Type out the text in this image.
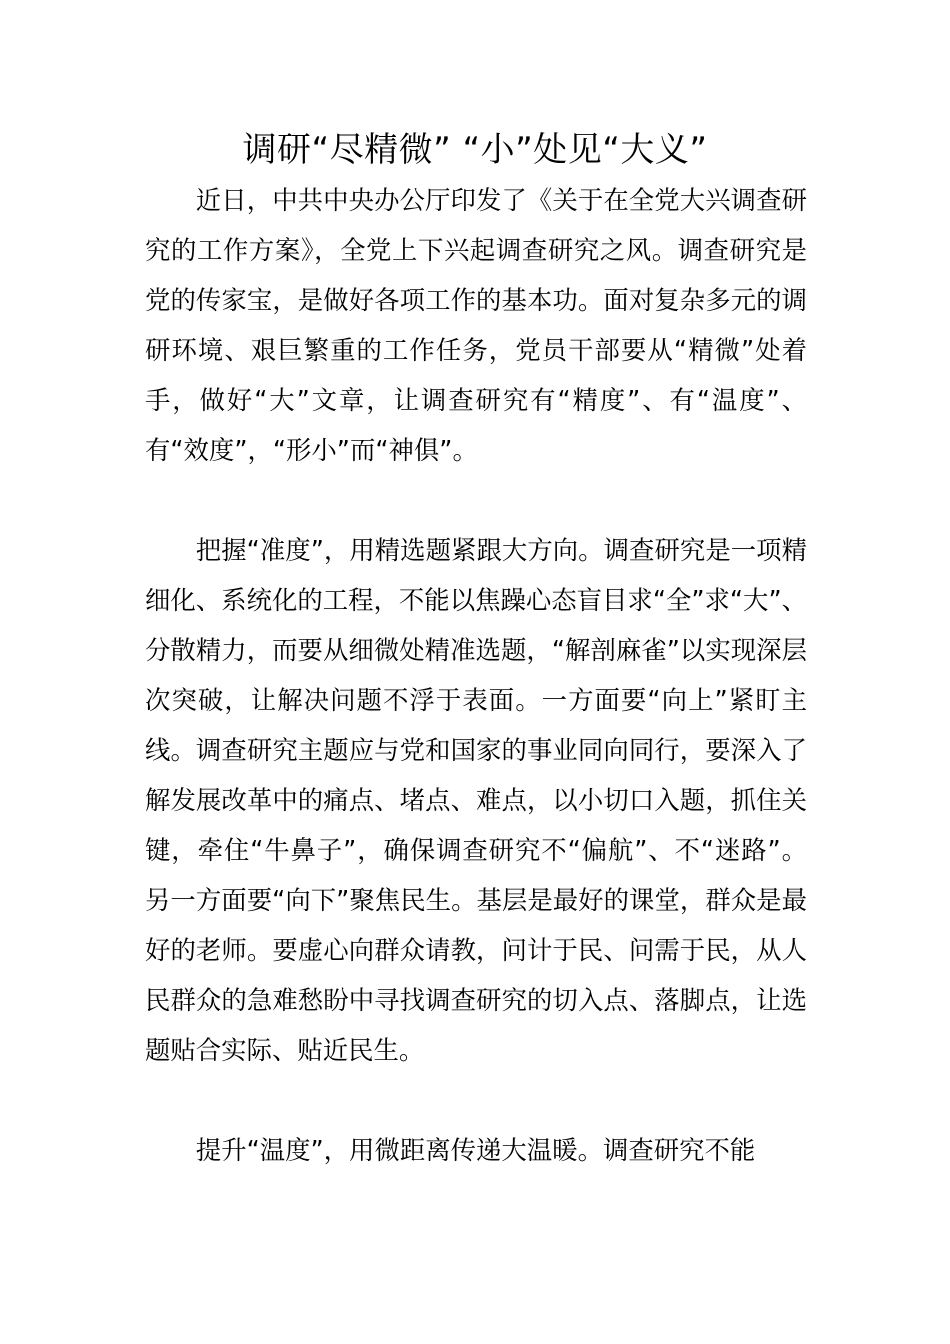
调研“尽精微” “小”处见“大义”

近日，中共中央办公厅印发了《关于在全党大兴调查研究的工作方案》，全党上下兴起调查研究之风。调查研究是党的传家宝，是做好各项工作的基本功。面对复杂多元的调研环境、艰巨繁重的工作任务，党员干部要从“精微”处着手，做好“大”文章，让调查研究有“精度”、有“温度”、有“效度”，“形小”而“神俱”。

把握“准度”，用精选题紧跟大方向。调查研究是一项精细化、系统化的工程，不能以焦躁心态盲目求“全”求“大”、分散精力，而要从细微处精准选题，“解剖麻雀”以实现深层次突破，让解决问题不浮于表面。一方面要“向上”紧盯主线。调查研究主题应与党和国家的事业同向同行，要深入了解发展改革中的痛点、堵点、难点，以小切口入题，抓住关键，牵住“牛鼻子”，确保调查研究不“偏航”、不“迷路”。另一方面要“向下”聚焦民生。基层是最好的课堂，群众是最好的老师。要虚心向群众请教，问计于民、问需于民，从人民群众的急难愁盼中寻找调查研究的切入点、落脚点，让选题贴合实际、贴近民生。

提升“温度”，用微距离传递大温暖。调查研究不能
